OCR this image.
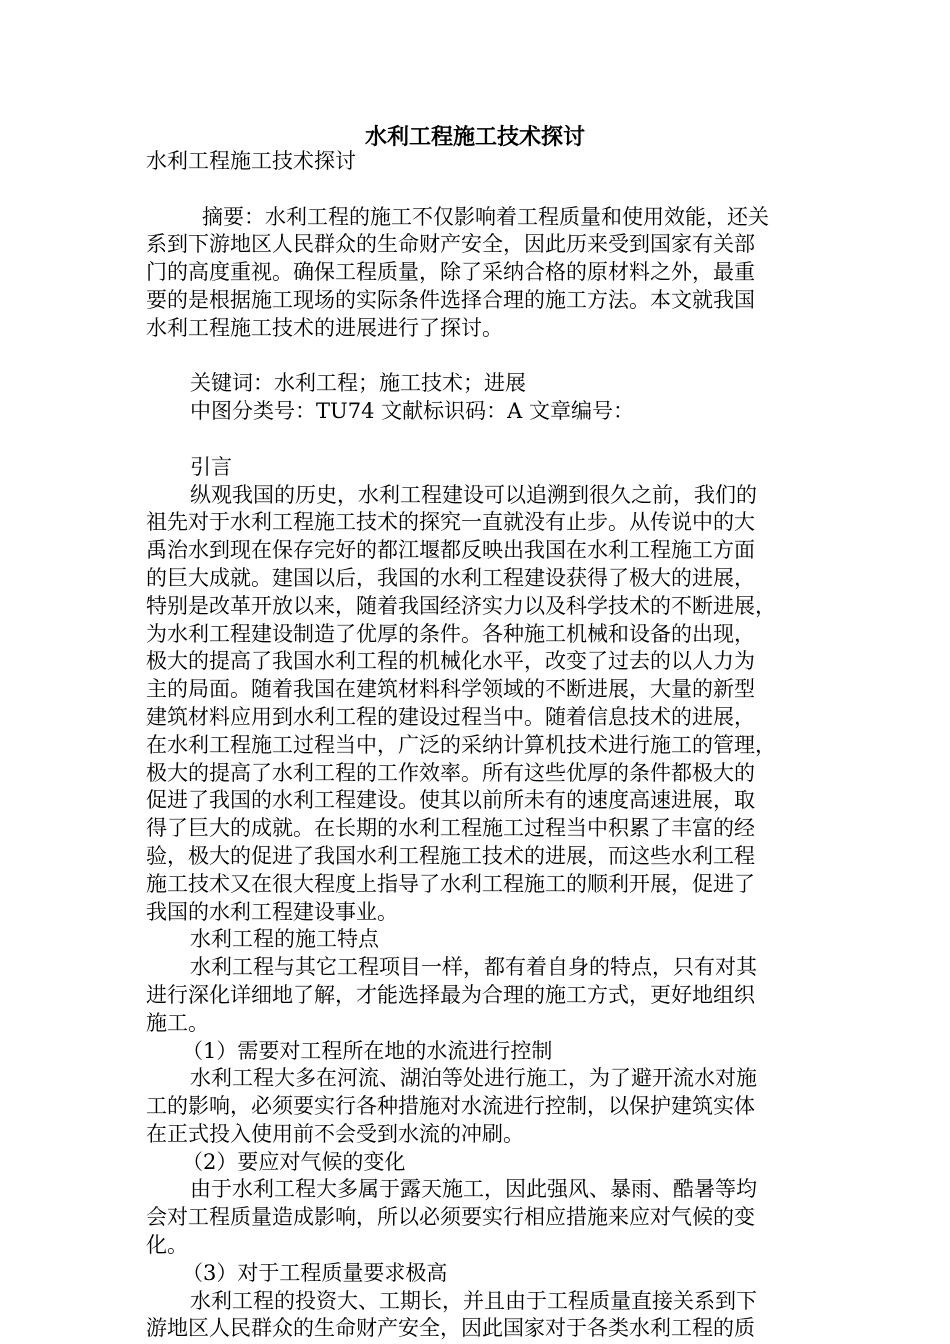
水利工程施工技术探讨
水利工程施工技术探讨
摘要：水利工程的施工不仅影响着工程质量和使用效能，还关
系到下游地区人民群众的生命财产安全，因此历来受到国家有关部
门的高度重视。确保工程质量，除了采纳合格的原材料之外，最重
要的是根据施工现场的实际条件选择合理的施工方法。本文就我国
水利工程施工技术的进展进行了探讨。
关键词：水利工程；施工技术；进展
中图分类号：TU74 文献标识码：A 文章编号：
引言
纵观我国的历史，水利工程建设可以追溯到很久之前，我们的
祖先对于水利工程施工技术的探究一直就没有止步。从传说中的大
禹治水到现在保存完好的都江堰都反映出我国在水利工程施工方面
的巨大成就。建国以后，我国的水利工程建设获得了极大的进展，
特别是改革开放以来，随着我国经济实力以及科学技术的不断进展，
为水利工程建设制造了优厚的条件。各种施工机械和设备的出现，
极大的提高了我国水利工程的机械化水平，改变了过去的以人力为
主的局面。随着我国在建筑材料科学领域的不断进展，大量的新型
建筑材料应用到水利工程的建设过程当中。随着信息技术的进展，
在水利工程施工过程当中，广泛的采纳计算机技术进行施工的管理，
极大的提高了水利工程的工作效率。所有这些优厚的条件都极大的
促进了我国的水利工程建设。使其以前所未有的速度高速进展，取
得了巨大的成就。在长期的水利工程施工过程当中积累了丰富的经
验，极大的促进了我国水利工程施工技术的进展，而这些水利工程
施工技术又在很大程度上指导了水利工程施工的顺利开展，促进了
我国的水利工程建设事业。
水利工程的施工特点
水利工程与其它工程项目一样，都有着自身的特点，只有对其
进行深化详细地了解，才能选择最为合理的施工方式，更好地组织
施工。
（1）需要对工程所在地的水流进行控制
水利工程大多在河流、湖泊等处进行施工，为了避开流水对施
工的影响，必须要实行各种措施对水流进行控制，以保护建筑实体
在正式投入使用前不会受到水流的冲刷。
（2）要应对气候的变化
由于水利工程大多属于露天施工，因此强风、暴雨、酷暑等均
会对工程质量造成影响，所以必须要实行相应措施来应对气候的变
化。
（3）对于工程质量要求极高
水利工程的投资大、工期长，并且由于工程质量直接关系到下
游地区人民群众的生命财产安全，因此国家对于各类水利工程的质
